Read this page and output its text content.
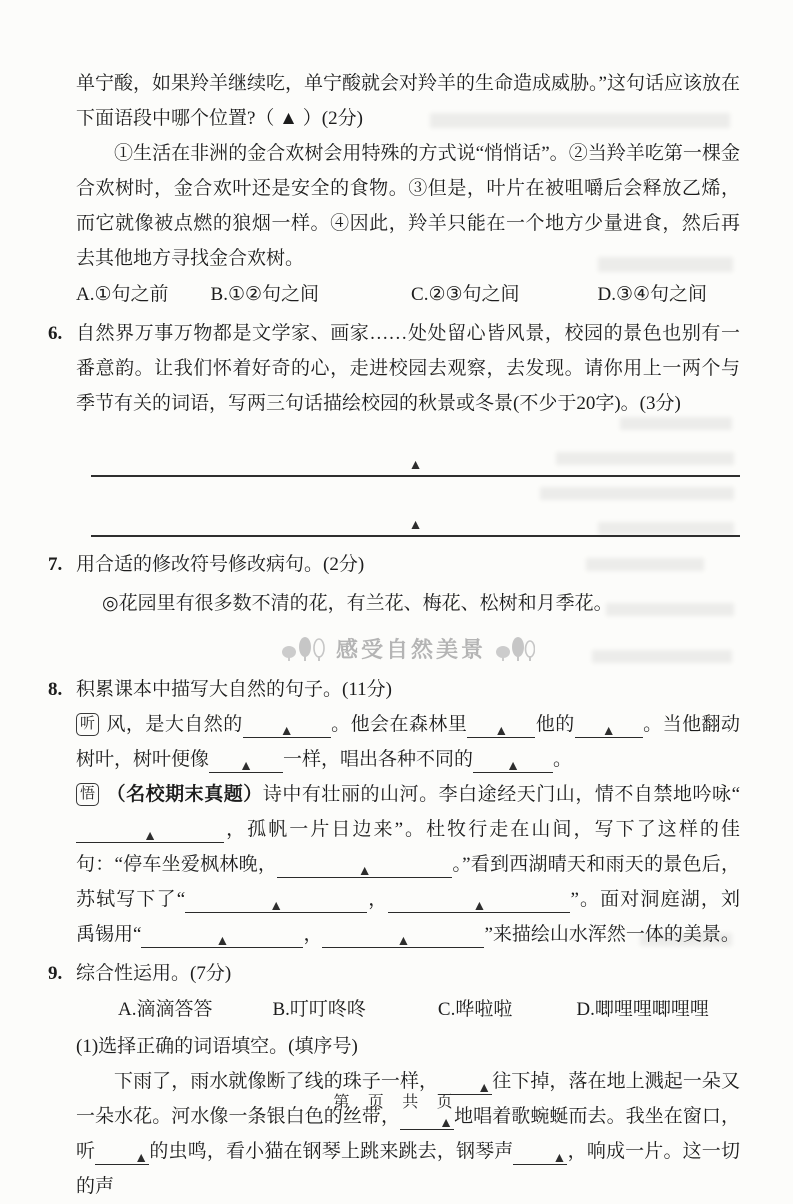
单宁酸，如果羚羊继续吃，单宁酸就会对羚羊的生命造成威胁。”这句话应该放在下面语段中哪个位置?（ ▲ ）(2分)

①生活在非洲的金合欢树会用特殊的方式说“悄悄话”。②当羚羊吃第一棵金合欢树时，金合欢叶还是安全的食物。③但是，叶片在被咀嚼后会释放乙烯，而它就像被点燃的狼烟一样。④因此，羚羊只能在一个地方少量进食，然后再去其他地方寻找金合欢树。

A.①句之前 B.①②句之间	C.②③句之间	D.③④句之间
6. 自然界万事万物都是文学家、画家……处处留心皆风景，校园的景色也别有一番意韵。让我们怀着好奇的心，走进校园去观察，去发现。请你用上一两个与季节有关的词语，写两三句话描绘校园的秋景或冬景(不少于20字)。(3分)

▲
▲
7. 用合适的修改符号修改病句。(2分)

◎花园里有很多数不清的花，有兰花、梅花、松树和月季花。

感受自然美景
8. 积累课本中描写大自然的句子。(11分)

听 风，是大自然的	▲ 。他会在森林里 ▲ 他的 ▲ 。当他翻动树叶，树叶便像 ▲ 一样，唱出各种不同的 ▲ 。

悟 （名校期末真题）诗中有壮丽的山河。李白途经天门山，情不自禁地吟咏“▲	，孤帆一片日边来”。杜牧行走在山间，写下了这样的佳句：“停车坐爱枫林晚，	▲	。”看到西湖晴天和雨天的景色后，苏轼写下了“	▲	，	▲	”。面对洞庭湖，刘禹锡用“	▲	，	▲	”来描绘山水浑然一体的美景。

9. 综合性运用。(7分)

A.滴滴答答	B.叮叮咚咚	C.哗啦啦	D.唧哩哩唧哩哩

(1)选择正确的词语填空。(填序号)

下雨了，雨水就像断了线的珠子一样，	▲往下掉，落在地上溅起一朵又一朵水花。河水像一条银白色的丝带，	▲地唱着歌蜿蜒而去。我坐在窗口，听	▲的虫鸣，看小猫在钢琴上跳来跳去，钢琴声	▲，响成一片。这一切的声

第 页 共 页
